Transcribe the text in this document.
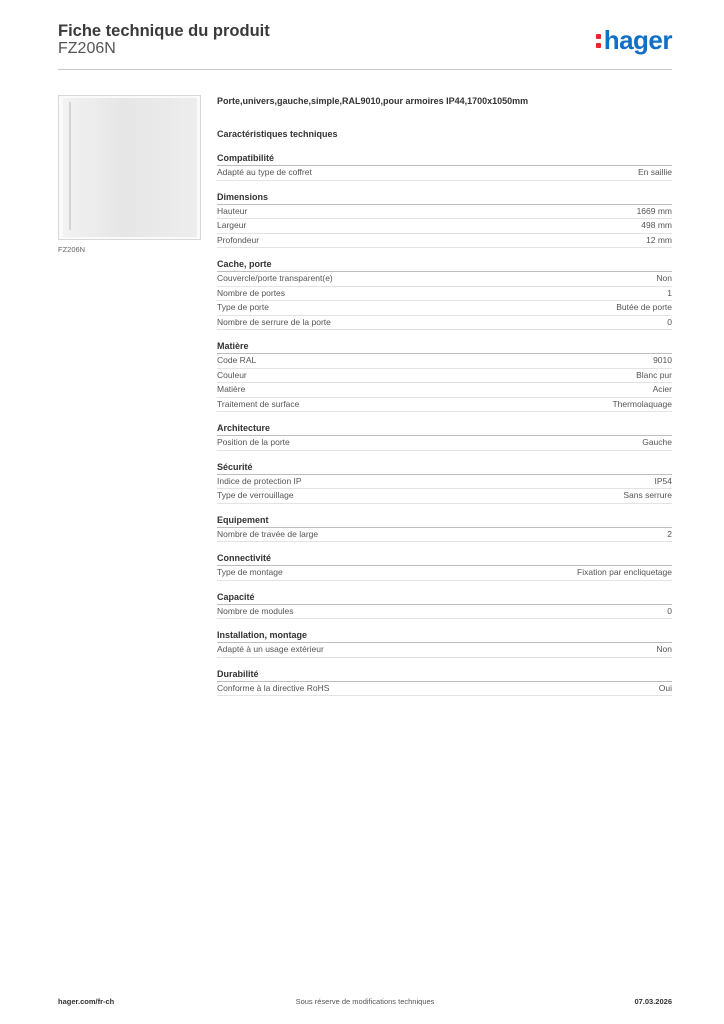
Fiche technique du produit
FZ206N	hager
FZ206N
Porte,univers,gauche,simple,RAL9010,pour armoires IP44,1700x1050mm
Caractéristiques techniques
Compatibilité
Adapté au type de coffret	En saillie
Dimensions
Hauteur	1669 mm
Largeur	498 mm
Profondeur	12 mm
Cache, porte
Couvercle/porte transparent(e)	Non
Nombre de portes	1
Type de porte	Butée de porte
Nombre de serrure de la porte	0
Matière
Code RAL	9010
Couleur	Blanc pur
Matière	Acier
Traitement de surface	Thermolaquage
Architecture
Position de la porte	Gauche
Sécurité
Indice de protection IP	IP54
Type de verrouillage	Sans serrure
Equipement
Nombre de travée de large	2
Connectivité
Type de montage	Fixation par encliquetage
Capacité
Nombre de modules	0
Installation, montage
Adapté à un usage extérieur	Non
Durabilité
Conforme à la directive RoHS	Oui
hager.com/fr-ch	Sous réserve de modifications techniques	07.03.2026
